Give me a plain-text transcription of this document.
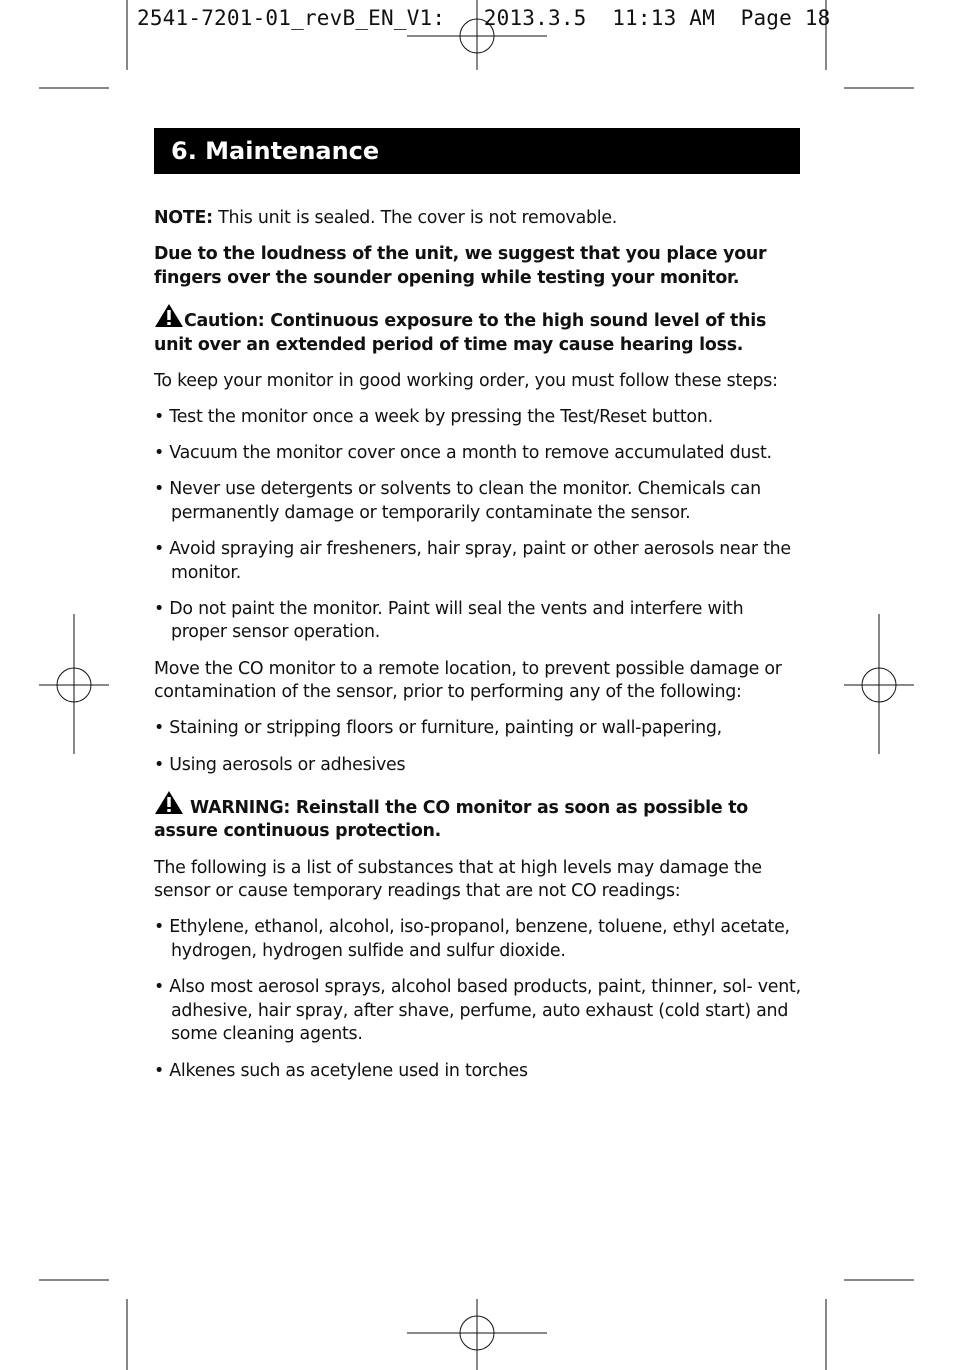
2541-7201-01_revB_EN_V1:   2013.3.5  11:13 AM  Page 18
6. Maintenance

NOTE: This unit is sealed. The cover is not removable.

Due to the loudness of the unit, we suggest that you place your fingers over the sounder opening while testing your monitor.

Caution: Continuous exposure to the high sound level of this unit over an extended period of time may cause hearing loss.

To keep your monitor in good working order, you must follow these steps:

• Test the monitor once a week by pressing the Test/Reset button.

• Vacuum the monitor cover once a month to remove accumulated dust.

• Never use detergents or solvents to clean the monitor. Chemicals can permanently damage or temporarily contaminate the sensor.

• Avoid spraying air fresheners, hair spray, paint or other aerosols near the monitor.

• Do not paint the monitor. Paint will seal the vents and interfere with proper sensor operation.

Move the CO monitor to a remote location, to prevent possible damage or contamination of the sensor, prior to performing any of the following:

• Staining or stripping floors or furniture, painting or wall-papering,

• Using aerosols or adhesives

WARNING: Reinstall the CO monitor as soon as possible to assure continuous protection.

The following is a list of substances that at high levels may damage the sensor or cause temporary readings that are not CO readings:

• Ethylene, ethanol, alcohol, iso-propanol, benzene, toluene, ethyl acetate, hydrogen, hydrogen sulfide and sulfur dioxide.

• Also most aerosol sprays, alcohol based products, paint, thinner, sol- vent, adhesive, hair spray, after shave, perfume, auto exhaust (cold start) and some cleaning agents.

• Alkenes such as acetylene used in torches
